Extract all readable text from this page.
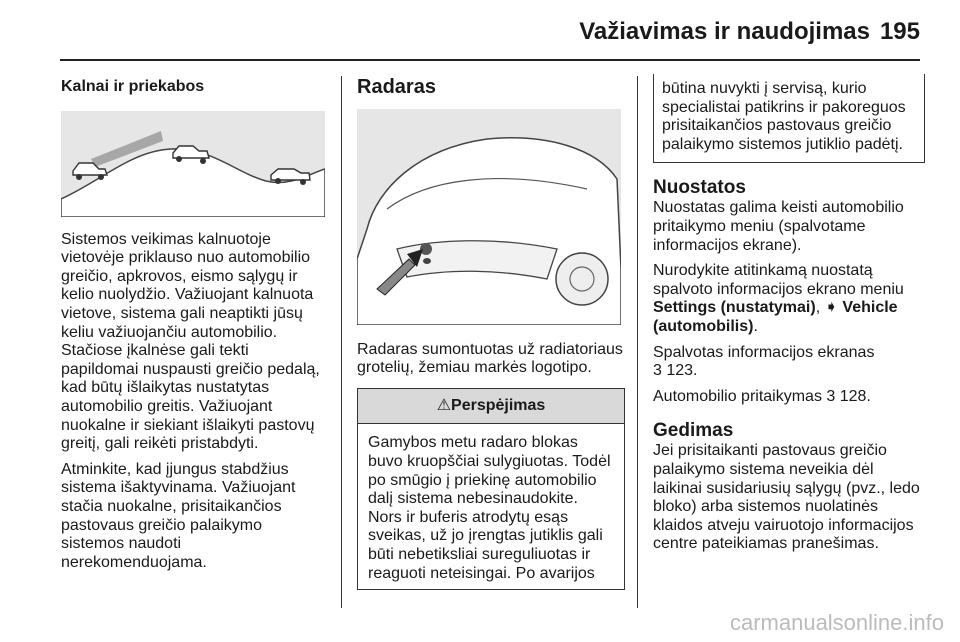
Važiavimas ir naudojimas 195
Kalnai ir priekabos

Sistemos veikimas kalnuotoje vietovėje priklauso nuo automobilio greičio, apkrovos, eismo sąlygų ir kelio nuolydžio. Važiuojant kalnuota vietove, sistema gali neaptikti jūsų keliu važiuojančiu automobilio. Stačiose įkalnėse gali tekti papildomai nuspausti greičio pedalą, kad būtų išlaikytas nustatytas automobilio greitis. Važiuojant nuokalne ir siekiant išlaikyti pastovų greitį, gali reikėti pristabdyti.

Atminkite, kad įjungus stabdžius sistema išaktyvinama. Važiuojant stačia nuokalne, prisitaikančios pastovaus greičio palaikymo sistemos naudoti nerekomenduojama.

Radaras

Radaras sumontuotas už radiatoriaus grotelių, žemiau markės logotipo.

⚠Perspėjimas
Gamybos metu radaro blokas buvo kruopščiai sulygiuotas. Todėl po smūgio į priekinę automobilio dalį sistema nebesinaudokite. Nors ir buferis atrodytų esąs sveikas, už jo įrengtas jutiklis gali būti nebetiksliai sureguliuotas ir reaguoti neteisingai. Po avarijos
būtina nuvykti į servisą, kurio specialistai patikrins ir pakoreguos prisitaikančios pastovaus greičio palaikymo sistemos jutiklio padėtį.
Nuostatos

Nuostatas galima keisti automobilio pritaikymo meniu (spalvotame informacijos ekrane).

Nurodykite atitinkamą nuostatą spalvoto informacijos ekrano meniu Settings (nustatymai), ➧ Vehicle (automobilis).

Spalvotas informacijos ekranas
3 123.

Automobilio pritaikymas 3 128.

Gedimas

Jei prisitaikanti pastovaus greičio palaikymo sistema neveikia dėl laikinai susidariusių sąlygų (pvz., ledo bloko) arba sistemos nuolatinės klaidos atveju vairuotojo informacijos centre pateikiamas pranešimas.

carmanualsonline.info
